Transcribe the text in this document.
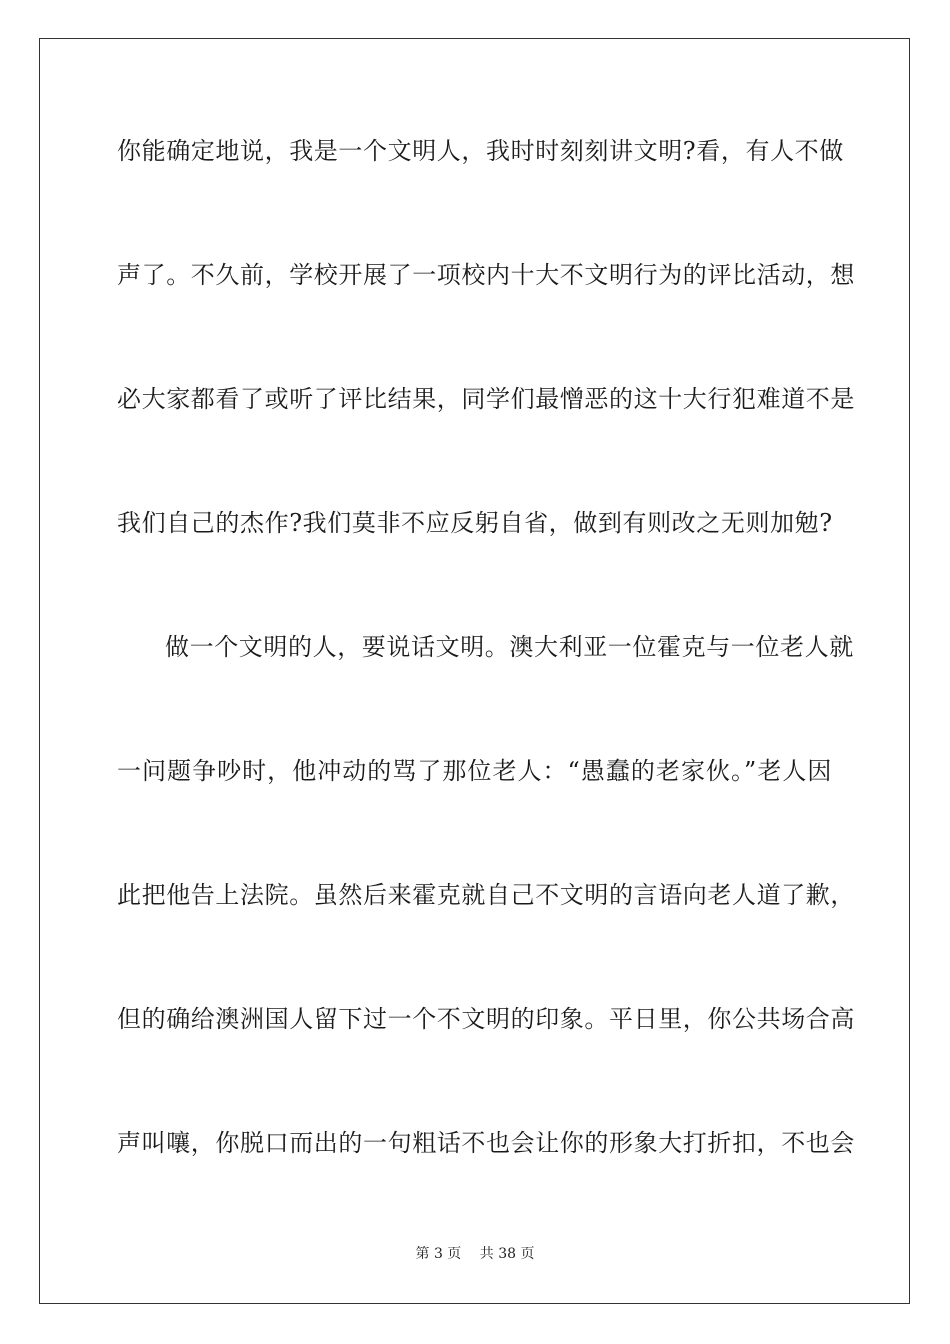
你能确定地说，我是一个文明人，我时时刻刻讲文明?看，有人不做
声了。不久前，学校开展了一项校内十大不文明行为的评比活动，想
必大家都看了或听了评比结果，同学们最憎恶的这十大行犯难道不是
我们自己的杰作?我们莫非不应反躬自省，做到有则改之无则加勉?
做一个文明的人，要说话文明。澳大利亚一位霍克与一位老人就
一问题争吵时，他冲动的骂了那位老人：“愚蠢的老家伙。”老人因
此把他告上法院。虽然后来霍克就自己不文明的言语向老人道了歉，
但的确给澳洲国人留下过一个不文明的印象。平日里，你公共场合高
声叫嚷，你脱口而出的一句粗话不也会让你的形象大打折扣，不也会
第 3 页　 共 38 页
